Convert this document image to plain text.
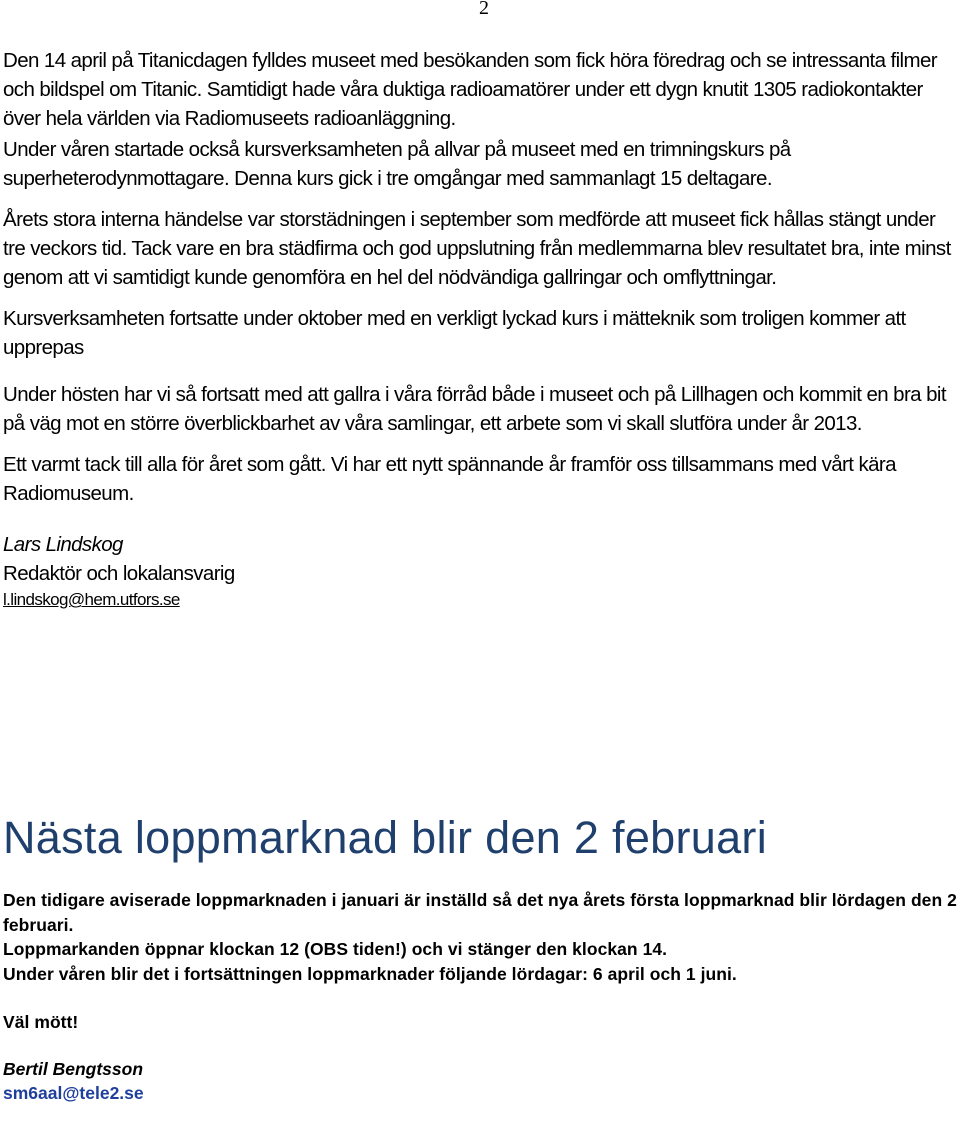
2

Den 14 april på Titanicdagen fylldes museet med besökanden som fick höra föredrag och se intressanta filmer och bildspel om Titanic. Samtidigt hade våra duktiga radioamatörer under ett dygn knutit 1305 radiokontakter över hela världen via Radiomuseets radioanläggning.

Under våren startade också kursverksamheten på allvar på museet med en trimningskurs på superheterodynmottagare. Denna kurs gick i tre omgångar med sammanlagt 15 deltagare.

Årets stora interna händelse var storstädningen i september som medförde att museet fick hållas stängt under tre veckors tid. Tack vare en bra städfirma och god uppslutning från medlemmarna blev resultatet bra, inte minst genom att vi samtidigt kunde genomföra en hel del nödvändiga gallringar och omflyttningar.

Kursverksamheten fortsatte under oktober med en verkligt lyckad kurs i mätteknik som troligen kommer att upprepas

Under hösten har vi så fortsatt med att gallra i våra förråd både i museet och på Lillhagen och kommit en bra bit på väg mot en större överblickbarhet av våra samlingar, ett arbete som vi skall slutföra under år 2013.

Ett varmt tack till alla för året som gått. Vi har ett nytt spännande år framför oss tillsammans med vårt kära Radiomuseum.

Lars Lindskog
Redaktör och lokalansvarig
l.lindskog@hem.utfors.se
Nästa loppmarknad blir den 2 februari

Den tidigare aviserade loppmarknaden i januari är inställd så det nya årets första loppmarknad blir lördagen den 2 februari.

Loppmarkanden öppnar klockan 12 (OBS tiden!) och vi stänger den klockan 14.

Under våren blir det i fortsättningen loppmarknader följande lördagar: 6 april och 1 juni.

Väl mött!

Bertil Bengtsson
sm6aal@tele2.se
